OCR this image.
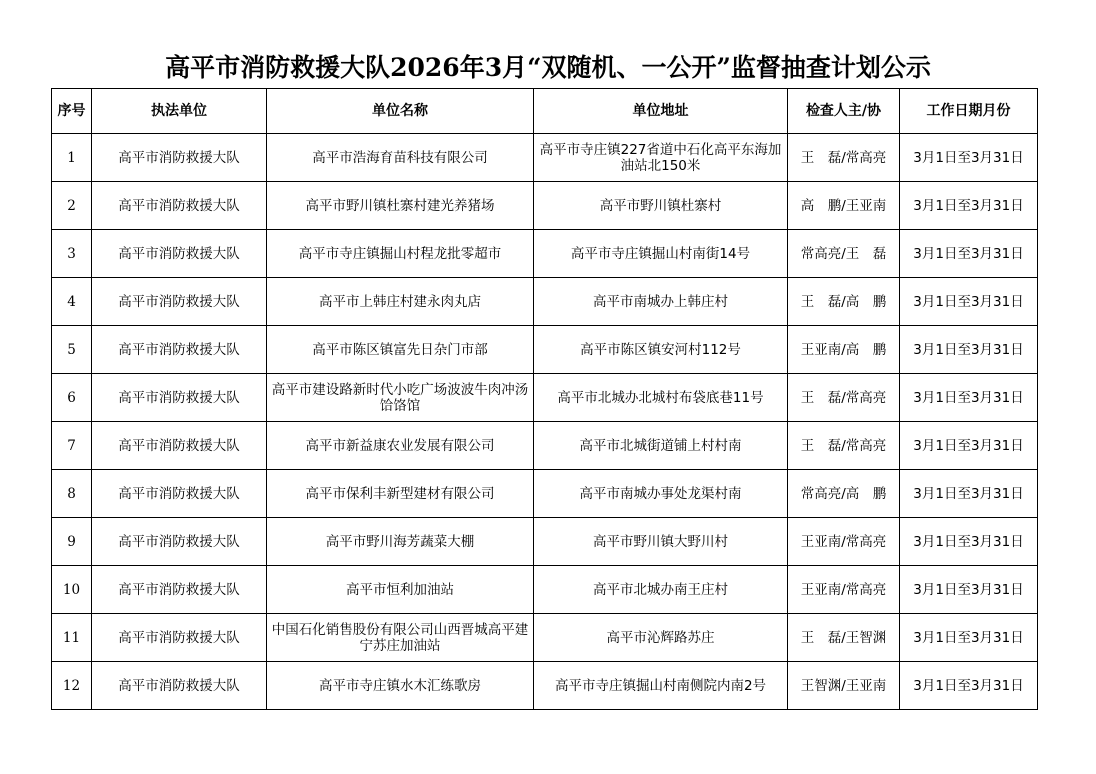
高平市消防救援大队2026年3月“双随机、一公开”监督抽查计划公示
序号	执法单位	单位名称	单位地址	检查人主/协	工作日期月份
1	高平市消防救援大队	高平市浩海育苗科技有限公司	高平市寺庄镇227省道中石化高平东海加油站北150米	王　磊/常高亮	3月1日至3月31日
2	高平市消防救援大队	高平市野川镇杜寨村建光养猪场	高平市野川镇杜寨村	高　鹏/王亚南	3月1日至3月31日
3	高平市消防救援大队	高平市寺庄镇掘山村程龙批零超市	高平市寺庄镇掘山村南街14号	常高亮/王　磊	3月1日至3月31日
4	高平市消防救援大队	高平市上韩庄村建永肉丸店	高平市南城办上韩庄村	王　磊/高　鹏	3月1日至3月31日
5	高平市消防救援大队	高平市陈区镇富先日杂门市部	高平市陈区镇安河村112号	王亚南/高　鹏	3月1日至3月31日
6	高平市消防救援大队	高平市建设路新时代小吃广场波波牛肉冲汤饸饹馆	高平市北城办北城村布袋底巷11号	王　磊/常高亮	3月1日至3月31日
7	高平市消防救援大队	高平市新益康农业发展有限公司	高平市北城街道铺上村村南	王　磊/常高亮	3月1日至3月31日
8	高平市消防救援大队	高平市保利丰新型建材有限公司	高平市南城办事处龙渠村南	常高亮/高　鹏	3月1日至3月31日
9	高平市消防救援大队	高平市野川海芳蔬菜大棚	高平市野川镇大野川村	王亚南/常高亮	3月1日至3月31日
10	高平市消防救援大队	高平市恒利加油站	高平市北城办南王庄村	王亚南/常高亮	3月1日至3月31日
11	高平市消防救援大队	中国石化销售股份有限公司山西晋城高平建宁苏庄加油站	高平市沁辉路苏庄	王　磊/王智渊	3月1日至3月31日
12	高平市消防救援大队	高平市寺庄镇水木汇练歌房	高平市寺庄镇掘山村南侧院内南2号	王智渊/王亚南	3月1日至3月31日
